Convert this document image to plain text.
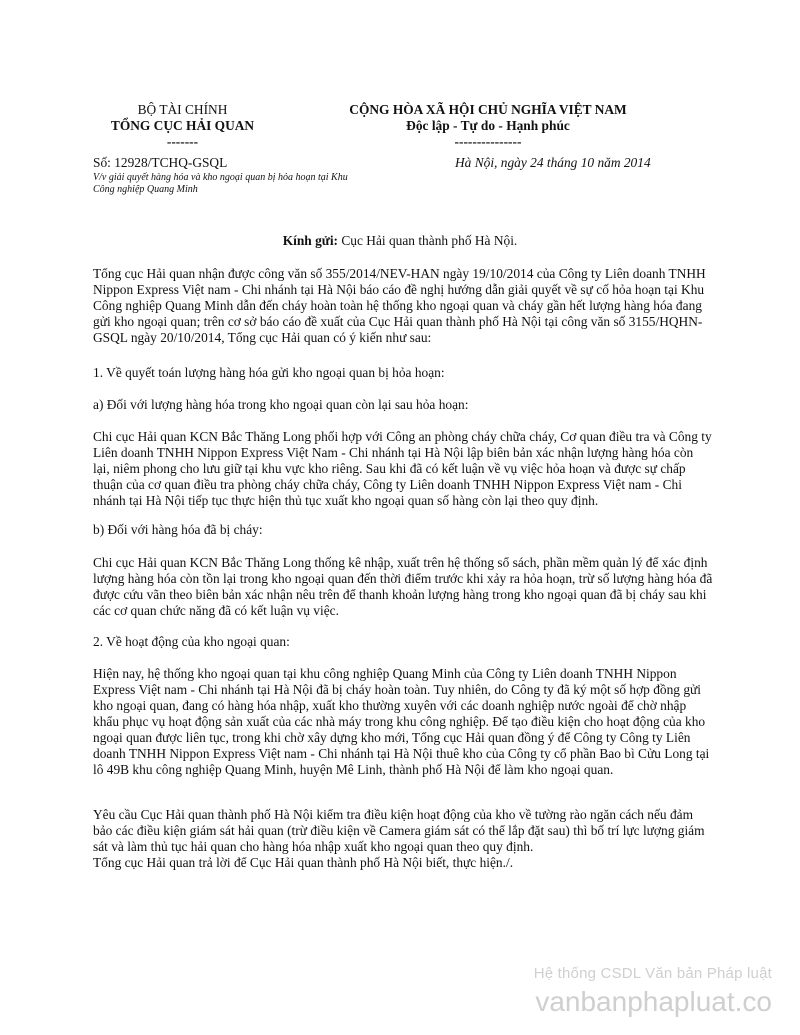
BỘ TÀI CHÍNH
TỔNG CỤC HẢI QUAN
-------
CỘNG HÒA XÃ HỘI CHỦ NGHĨA VIỆT NAM
Độc lập - Tự do - Hạnh phúc
---------------
Số: 12928/TCHQ-GSQL
V/v giải quyết hàng hóa và kho ngoại quan bị hỏa hoạn tại Khu Công nghiệp Quang Minh
Hà Nội, ngày 24 tháng 10 năm 2014
Kính gửi: Cục Hải quan thành phố Hà Nội.
Tổng cục Hải quan nhận được công văn số 355/2014/NEV-HAN ngày 19/10/2014 của Công ty Liên doanh TNHH Nippon Express Việt nam - Chi nhánh tại Hà Nội báo cáo đề nghị hướng dẫn giải quyết về sự cố hỏa hoạn tại Khu Công nghiệp Quang Minh dẫn đến cháy hoàn toàn hệ thống kho ngoại quan và cháy gần hết lượng hàng hóa đang gửi kho ngoại quan; trên cơ sở báo cáo đề xuất của Cục Hải quan thành phố Hà Nội tại công văn số 3155/HQHN-GSQL ngày 20/10/2014, Tổng cục Hải quan có ý kiến như sau:
1. Về quyết toán lượng hàng hóa gửi kho ngoại quan bị hỏa hoạn:
a) Đối với lượng hàng hóa trong kho ngoại quan còn lại sau hỏa hoạn:
Chi cục Hải quan KCN Bắc Thăng Long phối hợp với Công an phòng cháy chữa cháy, Cơ quan điều tra và Công ty Liên doanh TNHH Nippon Express Việt Nam - Chi nhánh tại Hà Nội lập biên bản xác nhận lượng hàng hóa còn lại, niêm phong cho lưu giữ tại khu vực kho riêng. Sau khi đã có kết luận về vụ việc hỏa hoạn và được sự chấp thuận của cơ quan điều tra phòng cháy chữa cháy, Công ty Liên doanh TNHH Nippon Express Việt nam - Chi nhánh tại Hà Nội tiếp tục thực hiện thủ tục xuất kho ngoại quan số hàng còn lại theo quy định.
b) Đối với hàng hóa đã bị cháy:
Chi cục Hải quan KCN Bắc Thăng Long thống kê nhập, xuất trên hệ thống sổ sách, phần mềm quản lý để xác định lượng hàng hóa còn tồn lại trong kho ngoại quan đến thời điểm trước khi xảy ra hỏa hoạn, trừ số lượng hàng hóa đã được cứu vãn theo biên bản xác nhận nêu trên để thanh khoản lượng hàng trong kho ngoại quan đã bị cháy sau khi các cơ quan chức năng đã có kết luận vụ việc.
2. Về hoạt động của kho ngoại quan:
Hiện nay, hệ thống kho ngoại quan tại khu công nghiệp Quang Minh của Công ty Liên doanh TNHH Nippon Express Việt nam - Chi nhánh tại Hà Nội đã bị cháy hoàn toàn. Tuy nhiên, do Công ty đã ký một số hợp đồng gửi kho ngoại quan, đang có hàng hóa nhập, xuất kho thường xuyên với các doanh nghiệp nước ngoài để chờ nhập khẩu phục vụ hoạt động sản xuất của các nhà máy trong khu công nghiệp. Để tạo điều kiện cho hoạt động của kho ngoại quan được liên tục, trong khi chờ xây dựng kho mới, Tổng cục Hải quan đồng ý để Công ty Công ty Liên doanh TNHH Nippon Express Việt nam - Chi nhánh tại Hà Nội thuê kho của Công ty cổ phần Bao bì Cửu Long tại lô 49B khu công nghiệp Quang Minh, huyện Mê Linh, thành phố Hà Nội để làm kho ngoại quan.
Yêu cầu Cục Hải quan thành phố Hà Nội kiểm tra điều kiện hoạt động của kho về tường rào ngăn cách nếu đảm bảo các điều kiện giám sát hải quan (trừ điều kiện về Camera giám sát có thể lắp đặt sau) thì bố trí lực lượng giám sát và làm thủ tục hải quan cho hàng hóa nhập xuất kho ngoại quan theo quy định.
Tổng cục Hải quan trả lời để Cục Hải quan thành phố Hà Nội biết, thực hiện./.
Hệ thống CSDL Văn bản Pháp luật
vanbanphapluat.co
